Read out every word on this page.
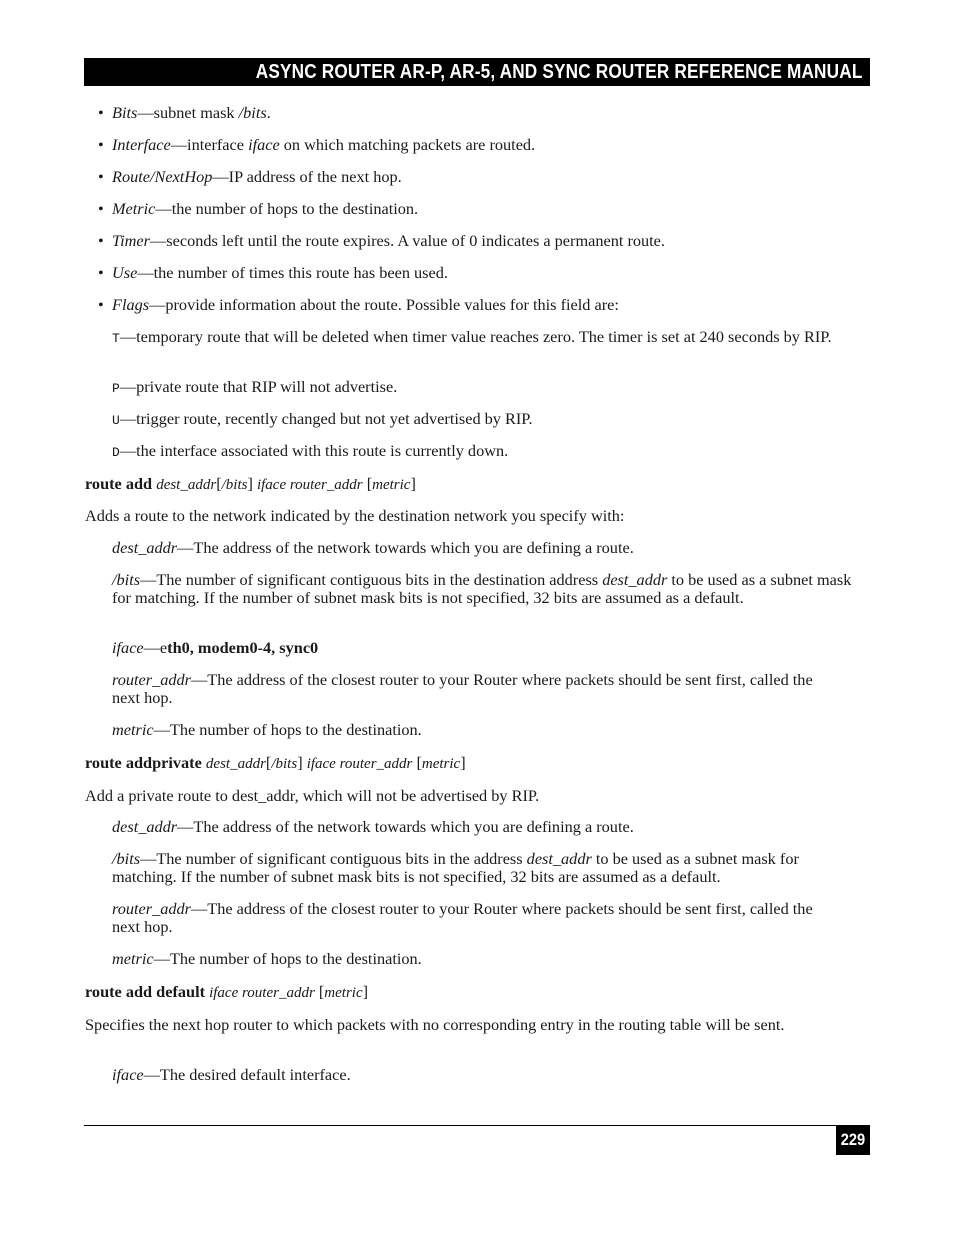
ASYNC ROUTER AR-P, AR-5, AND SYNC ROUTER REFERENCE MANUAL
• Bits—subnet mask /bits.
• Interface—interface iface on which matching packets are routed.
• Route/NextHop—IP address of the next hop.
• Metric—the number of hops to the destination.
• Timer—seconds left until the route expires. A value of 0 indicates a permanent route.
• Use—the number of times this route has been used.
• Flags—provide information about the route. Possible values for this field are:
T—temporary route that will be deleted when timer value reaches zero. The timer is set at 240 seconds by RIP.
P—private route that RIP will not advertise.
U—trigger route, recently changed but not yet advertised by RIP.
D—the interface associated with this route is currently down.
route add dest_addr[/bits] iface router_addr [metric]
Adds a route to the network indicated by the destination network you specify with:
dest_addr—The address of the network towards which you are defining a route.
/bits—The number of significant contiguous bits in the destination address dest_addr to be used as a subnet mask for matching. If the number of subnet mask bits is not specified, 32 bits are assumed as a default.
iface—eth0, modem0-4, sync0
router_addr—The address of the closest router to your Router where packets should be sent first, called the next hop.
metric—The number of hops to the destination.
route addprivate dest_addr[/bits] iface router_addr [metric]
Add a private route to dest_addr, which will not be advertised by RIP.
dest_addr—The address of the network towards which you are defining a route.
/bits—The number of significant contiguous bits in the address dest_addr to be used as a subnet mask for matching. If the number of subnet mask bits is not specified, 32 bits are assumed as a default.
router_addr—The address of the closest router to your Router where packets should be sent first, called the next hop.
metric—The number of hops to the destination.
route add default iface router_addr [metric]
Specifies the next hop router to which packets with no corresponding entry in the routing table will be sent.
iface—The desired default interface.
229
